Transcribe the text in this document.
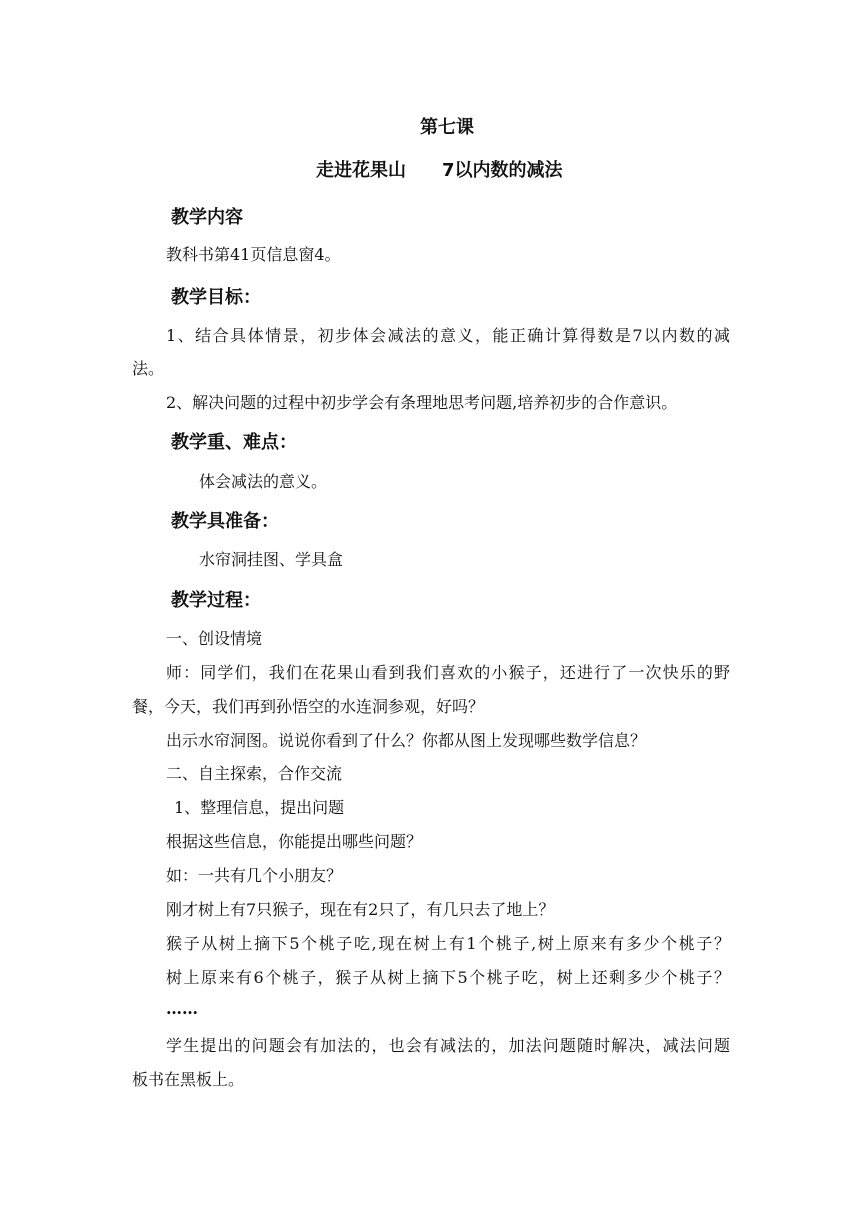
第七课
走进花果山 7以内数的减法
教学内容
教科书第41页信息窗4。
教学目标：
1、结合具体情景，初步体会减法的意义，能正确计算得数是7以内数的减
法。
2、解决问题的过程中初步学会有条理地思考问题,培养初步的合作意识。
教学重、难点：
体会减法的意义。
教学具准备：
水帘洞挂图、学具盒
教学过程：
一、创设情境
师：同学们，我们在花果山看到我们喜欢的小猴子，还进行了一次快乐的野
餐，今天，我们再到孙悟空的水连洞参观，好吗？
出示水帘洞图。说说你看到了什么？你都从图上发现哪些数学信息？
二、自主探索，合作交流
1、整理信息，提出问题
根据这些信息，你能提出哪些问题？
如：一共有几个小朋友？
刚才树上有7只猴子，现在有2只了，有几只去了地上？
猴子从树上摘下5个桃子吃,现在树上有1个桃子,树上原来有多少个桃子？
树上原来有6个桃子，猴子从树上摘下5个桃子吃，树上还剩多少个桃子？
……
学生提出的问题会有加法的，也会有减法的，加法问题随时解决，减法问题
板书在黑板上。
